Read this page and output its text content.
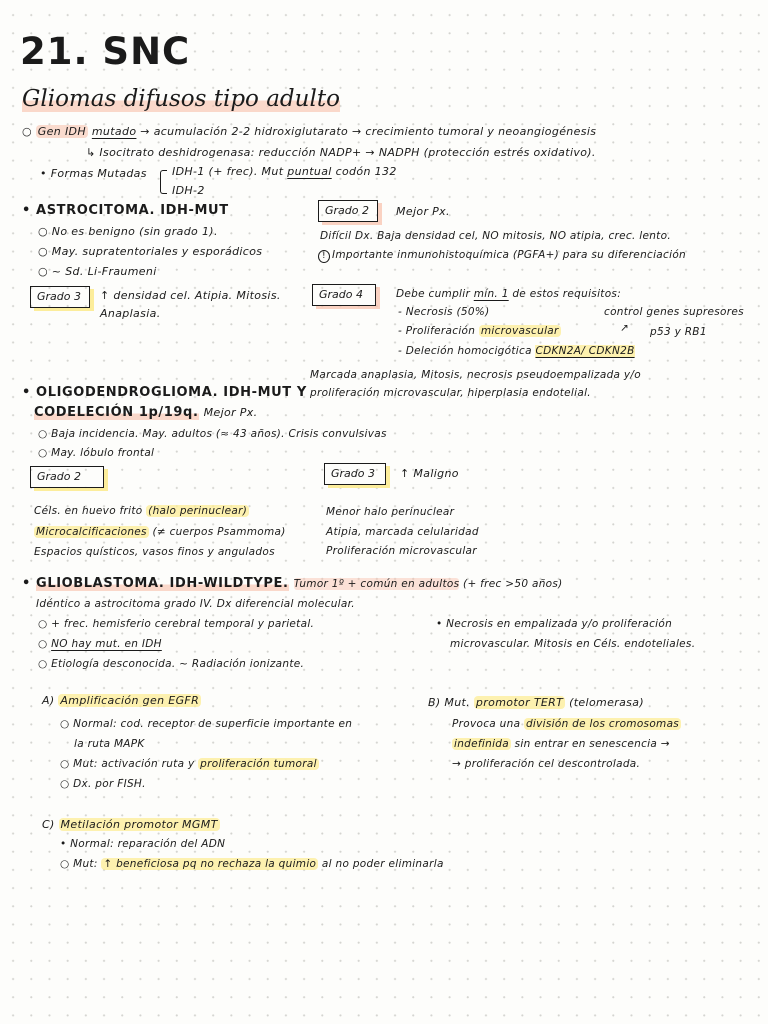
21. SNC
Gliomas difusos tipo adulto
○ Gen IDH mutado → acumulación 2-2 hidroxiglutarato → crecimiento tumoral y neoangiogénesis
↳ Isocitrato deshidrogenasa: reducción NADP+ → NADPH (protección estrés oxidativo).
• Formas Mutadas IDH-1 (+ frec). Mut puntual codón 132
IDH-2
• ASTROCITOMA. IDH-MUT
○ No es benigno (sin grado 1).
○ May. supratentoriales y esporádicos
○ ~ Sd. Li-Fraumeni
Grado 3	↑ densidad cel. Atipia. Mitosis.
Anaplasia.
Grado 2	Mejor Px.
Difícil Dx. Baja densidad cel, NO mitosis, NO atipia, crec. lento.
! Importante inmunohistoquímica (PGFA+) para su diferenciación
Grado 4	Debe cumplir mín. 1 de estos requisitos:
- Necrosis (50%)
- Proliferación microvascular
- Deleción homocigótica CDKN2A/ CDKN2B
control genes supresores
↗ p53 y RB1
Marcada anaplasia, Mitosis, necrosis pseudoempalizada y/o
proliferación microvascular, hiperplasia endotelial.
• OLIGODENDROGLIOMA. IDH-MUT Y
CODELECIÓN 1p/19q. Mejor Px.
○ Baja incidencia. May. adultos (≈ 43 años). Crisis convulsivas
○ May. lóbulo frontal
Grado 2
Céls. en huevo frito (halo perinuclear)
Microcalcificaciones (≠ cuerpos Psammoma)
Espacios quísticos, vasos finos y angulados
Grado 3	↑ Maligno
Menor halo perinuclear
Atipia, marcada celularidad
Proliferación microvascular
• GLIOBLASTOMA. IDH-WILDTYPE. Tumor 1º + común en adultos (+ frec >50 años)
Idéntico a astrocitoma grado IV. Dx diferencial molecular.
○ + frec. hemisferio cerebral temporal y parietal.
○ NO hay mut. en IDH
○ Etiología desconocida. ~ Radiación ionizante.
• Necrosis en empalizada y/o proliferación
microvascular. Mitosis en Céls. endoteliales.
A) Amplificación gen EGFR
○ Normal: cod. receptor de superficie importante en
la ruta MAPK
○ Mut: activación ruta y proliferación tumoral
○ Dx. por FISH.
B) Mut. promotor TERT (telomerasa)
Provoca una división de los cromosomas
indefinida sin entrar en senescencia →
→ proliferación cel descontrolada.
C) Metilación promotor MGMT
• Normal: reparación del ADN
○ Mut: ↑ beneficiosa pq no rechaza la quimio al no poder eliminarla
